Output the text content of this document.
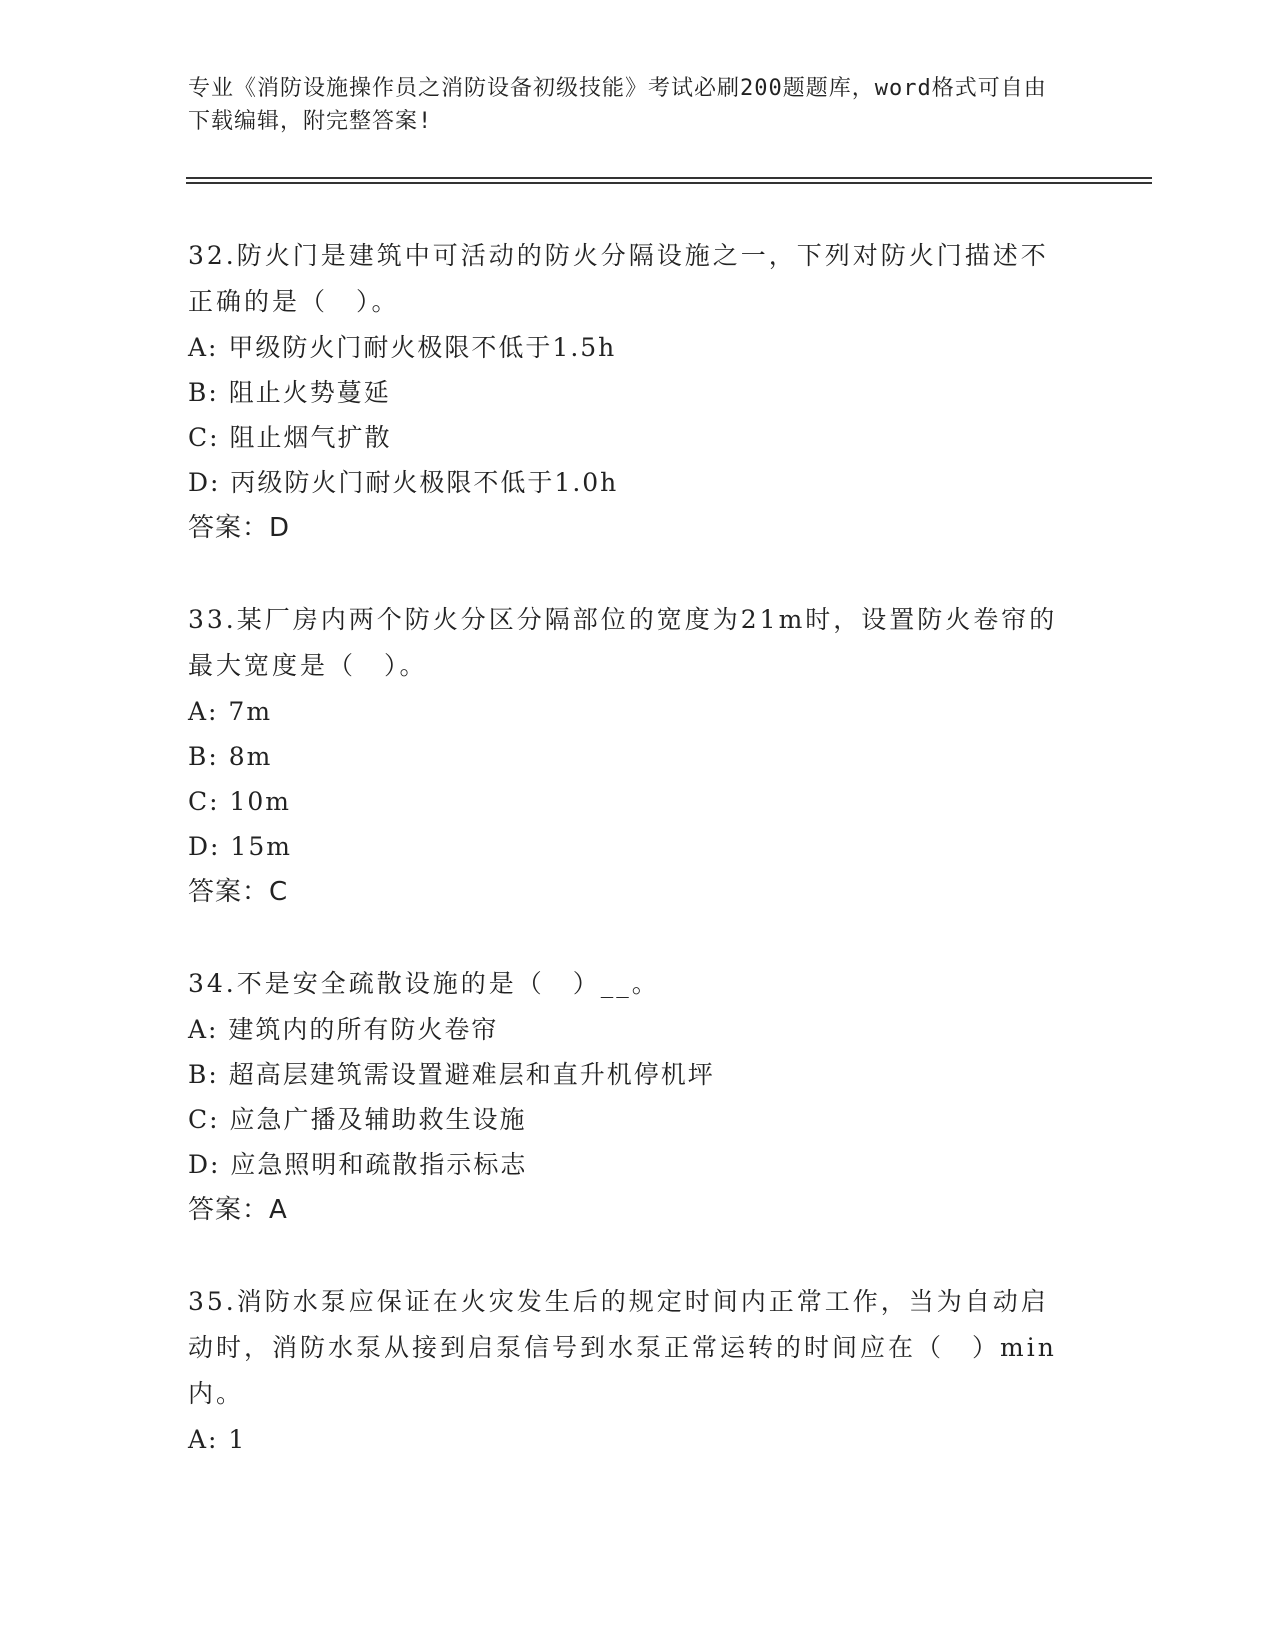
专业《消防设施操作员之消防设备初级技能》考试必刷200题题库，word格式可自由下载编辑，附完整答案!
32.防火门是建筑中可活动的防火分隔设施之一，下列对防火门描述不正确的是（　）。
A: 甲级防火门耐火极限不低于1.5h
B: 阻止火势蔓延
C: 阻止烟气扩散
D: 丙级防火门耐火极限不低于1.0h
答案：D
33.某厂房内两个防火分区分隔部位的宽度为21m时，设置防火卷帘的最大宽度是（　）。
A: 7m
B: 8m
C: 10m
D: 15m
答案：C
34.不是安全疏散设施的是（　）__。
A: 建筑内的所有防火卷帘
B: 超高层建筑需设置避难层和直升机停机坪
C: 应急广播及辅助救生设施
D: 应急照明和疏散指示标志
答案：A
35.消防水泵应保证在火灾发生后的规定时间内正常工作，当为自动启动时，消防水泵从接到启泵信号到水泵正常运转的时间应在（　）min内。
A: 1
